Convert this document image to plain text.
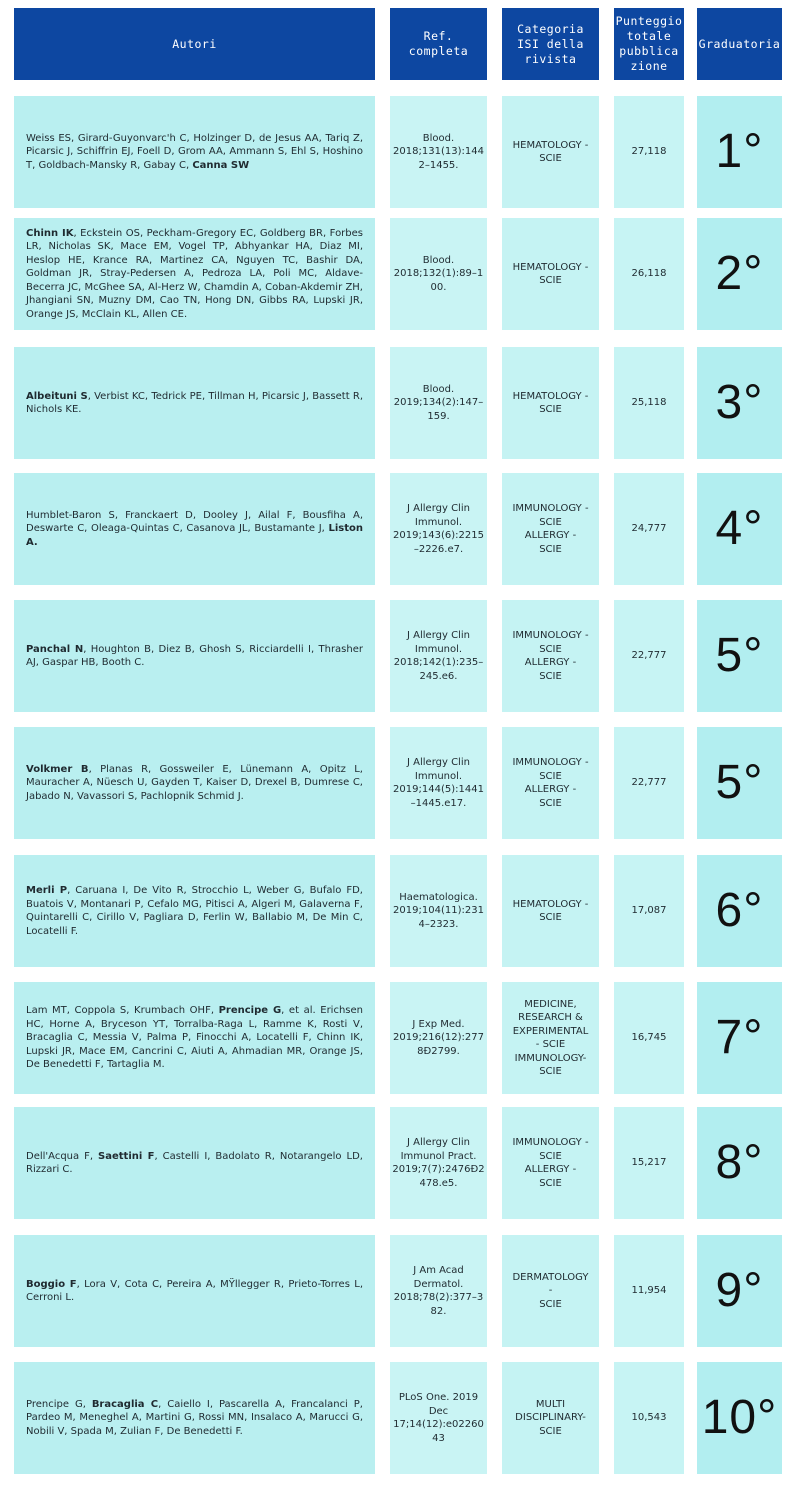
Autori
Ref.
completa
Categoria
ISI della
rivista
Punteggio
totale
pubblica
zione
Graduatoria
Weiss ES, Girard-Guyonvarc'h C, Holzinger D, de Jesus AA, Tariq Z, Picarsic J, Schiffrin EJ, Foell D, Grom AA, Ammann S, Ehl S, Hoshino T, Goldbach-Mansky R, Gabay C, Canna SW
Blood.
2018;131(13):144
2–1455.
HEMATOLOGY -
SCIE
27,118 1°
Chinn IK, Eckstein OS, Peckham-Gregory EC, Goldberg BR, Forbes LR, Nicholas SK, Mace EM, Vogel TP, Abhyankar HA, Diaz MI, Heslop HE, Krance RA, Martinez CA, Nguyen TC, Bashir DA, Goldman JR, Stray-Pedersen A, Pedroza LA, Poli MC, Aldave-Becerra JC, McGhee SA, Al-Herz W, Chamdin A, Coban-Akdemir ZH, Jhangiani SN, Muzny DM, Cao TN, Hong DN, Gibbs RA, Lupski JR, Orange JS, McClain KL, Allen CE.
Blood.
2018;132(1):89–1
00.
HEMATOLOGY -
SCIE
26,118 2°
Albeituni S, Verbist KC, Tedrick PE, Tillman H, Picarsic J, Bassett R, Nichols KE.
Blood.
2019;134(2):147–
159.
HEMATOLOGY -
SCIE
25,118 3°
Humblet-Baron S, Franckaert D, Dooley J, Ailal F, Bousfiha A, Deswarte C, Oleaga-Quintas C, Casanova JL, Bustamante J, Liston A.
J Allergy Clin
Immunol.
2019;143(6):2215
–2226.e7.
IMMUNOLOGY -
SCIE
ALLERGY -
SCIE
24,777 4°
Panchal N, Houghton B, Diez B, Ghosh S, Ricciardelli I, Thrasher AJ, Gaspar HB, Booth C.
J Allergy Clin
Immunol.
2018;142(1):235–
245.e6.
IMMUNOLOGY -
SCIE
ALLERGY -
SCIE
22,777 5°
Volkmer B, Planas R, Gossweiler E, Lünemann A, Opitz L, Mauracher A, Nüesch U, Gayden T, Kaiser D, Drexel B, Dumrese C, Jabado N, Vavassori S, Pachlopnik Schmid J.
J Allergy Clin
Immunol.
2019;144(5):1441
–1445.e17.
IMMUNOLOGY -
SCIE
ALLERGY -
SCIE
22,777 5°
Merli P, Caruana I, De Vito R, Strocchio L, Weber G, Bufalo FD, Buatois V, Montanari P, Cefalo MG, Pitisci A, Algeri M, Galaverna F, Quintarelli C, Cirillo V, Pagliara D, Ferlin W, Ballabio M, De Min C, Locatelli F.
Haematologica.
2019;104(11):231
4–2323.
HEMATOLOGY -
SCIE
17,087 6°
Lam MT, Coppola S, Krumbach OHF, Prencipe G, et al. Erichsen HC, Horne A, Bryceson YT, Torralba-Raga L, Ramme K, Rosti V, Bracaglia C, Messia V, Palma P, Finocchi A, Locatelli F, Chinn IK, Lupski JR, Mace EM, Cancrini C, Aiuti A, Ahmadian MR, Orange JS, De Benedetti F, Tartaglia M.
J Exp Med.
2019;216(12):277
8Ð2799.
MEDICINE,
RESEARCH &
EXPERIMENTAL
- SCIE
IMMUNOLOGY-
SCIE
16,745 7°
Dell'Acqua F, Saettini F, Castelli I, Badolato R, Notarangelo LD, Rizzari C.
J Allergy Clin
Immunol Pract.
2019;7(7):2476Ð2
478.e5.
IMMUNOLOGY -
SCIE
ALLERGY -
SCIE
15,217 8°
Boggio F, Lora V, Cota C, Pereira A, MŸllegger R, Prieto-Torres L, Cerroni L.
J Am Acad
Dermatol.
2018;78(2):377–3
82.
DERMATOLOGY
-
SCIE
11,954 9°
Prencipe G, Bracaglia C, Caiello I, Pascarella A, Francalanci P, Pardeo M, Meneghel A, Martini G, Rossi MN, Insalaco A, Marucci G, Nobili V, Spada M, Zulian F, De Benedetti F.
PLoS One. 2019
Dec
17;14(12):e02260
43
MULTI
DISCIPLINARY-
SCIE
10,543 10°
